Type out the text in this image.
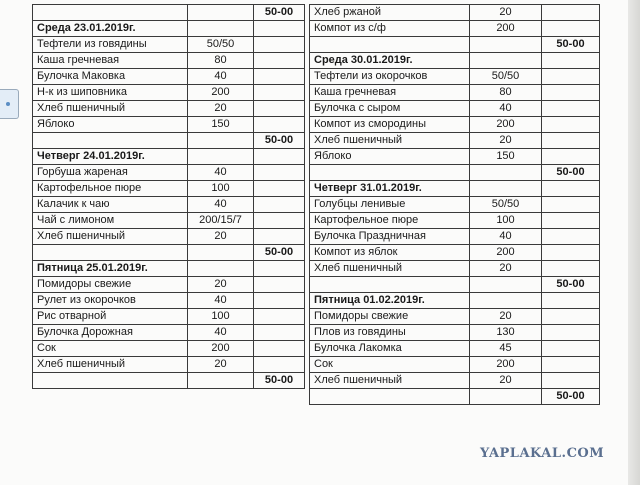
		50-00
Среда 23.01.2019г.		
Тефтели из говядины	50/50	
Каша гречневая	80	
Булочка Маковка	40	
Н-к из шиповника	200	
Хлеб пшеничный	20	
Яблоко	150	
		50-00
Четверг 24.01.2019г.		
Горбуша жареная	40	
Картофельное пюре	100	
Калачик к чаю	40	
Чай с лимоном	200/15/7	
Хлеб пшеничный	20	
		50-00
Пятница 25.01.2019г.		
Помидоры свежие	20	
Рулет из окорочков	40	
Рис отварной	100	
Булочка Дорожная	40	
Сок	200	
Хлеб пшеничный	20	
		50-00
Хлеб ржаной	20	
Компот из с/ф	200	
		50-00
Среда 30.01.2019г.		
Тефтели из окорочков	50/50	
Каша гречневая	80	
Булочка с сыром	40	
Компот из смородины	200	
Хлеб пшеничный	20	
Яблоко	150	
		50-00
Четверг 31.01.2019г.		
Голубцы ленивые	50/50	
Картофельное пюре	100	
Булочка Праздничная	40	
Компот из яблок	200	
Хлеб пшеничный	20	
		50-00
Пятница 01.02.2019г.		
Помидоры свежие	20	
Плов из говядины	130	
Булочка Лакомка	45	
Сок	200	
Хлеб пшеничный	20	
		50-00
YAPLAKAL.COM
